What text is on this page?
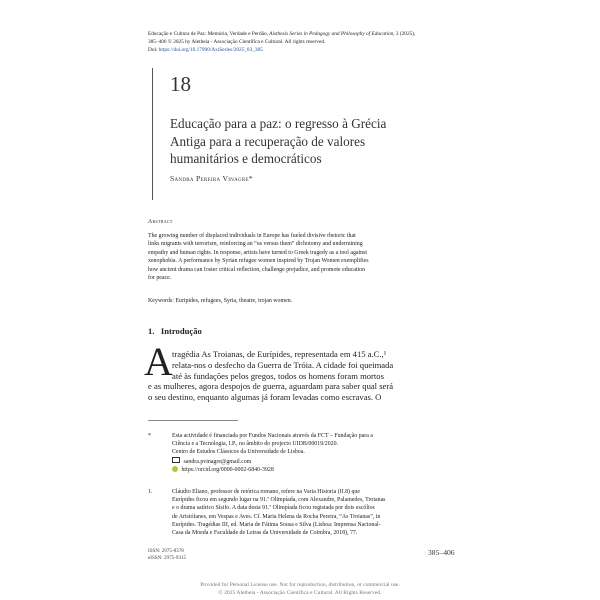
Educação e Cultura de Paz: Memória, Verdade e Perdão, Aisthesis Series in Pedagogy and Philosophy of Education, 3 (2025),
385–406 © 2025 by Aletheia - Associação Científica e Cultural. All rights reserved.
Doi: https://doi.org/10.17990/AxiSeries/2025_03_385
18
Educação para a paz: o regresso à Grécia
Antiga para a recuperação de valores
humanitários e democráticos
Sandra Pereira Vinagre*
Abstract
The growing number of displaced individuals in Europe has fueled divisive rhetoric that
links migrants with terrorism, reinforcing an “us versus them” dichotomy and undermining
empathy and human rights. In response, artists have turned to Greek tragedy as a tool against
xenophobia. A performance by Syrian refugee women inspired by Trojan Women exemplifies
how ancient drama can foster critical reflection, challenge prejudice, and promote education
for peace.
Keywords: Euripides, refugees, Syria, theatre, trojan women.
1.   Introdução
A tragédia As Troianas, de Eurípides, representada em 415 a.C.,¹
relata-nos o desfecho da Guerra de Tróia. A cidade foi queimada
até às fundações pelos gregos, todos os homens foram mortos
e as mulheres, agora despojos de guerra, aguardam para saber qual será
o seu destino, enquanto algumas já foram levadas como escravas. O
*	Esta actividade é financiada por Fundos Nacionais através da FCT – Fundação para a
Ciência e a Tecnologia, I.P., no âmbito do projecto UIDB/00019/2020.
Centro de Estudos Clássicos da Universidade de Lisboa.
sandra.pvinagre@gmail.com
https://orcid.org/0000-0002-6840-3928
1.	Cláudio Eliano, professor de retórica romano, refere na Varia Historia (II.8) que
Eurípides ficou em segundo lugar na 91.ª Olimpíada, com Alexandre, Palamedes, Troianas
e o drama satírico Sísifo. A data desta 91.ª Olimpíada ficou registada por dois escólios
de Aristófanes, em Vespas e Aves. Cf. Maria Helena da Rocha Pereira, “As Troianas”, in
Eurípides. Tragédias III, ed. Maria de Fátima Sousa e Silva (Lisboa: Imprensa Nacional-
Casa da Moeda e Faculdade de Letras da Universidade de Coimbra, 2018), 77.
ISSN: 2975-8378
eISSN: 2975-9315
385–406
Provided for Personal License use. Not for reproduction, distribution, or commercial use.
© 2025 Aletheia - Associação Científica e Cultural. All Rights Reserved.
